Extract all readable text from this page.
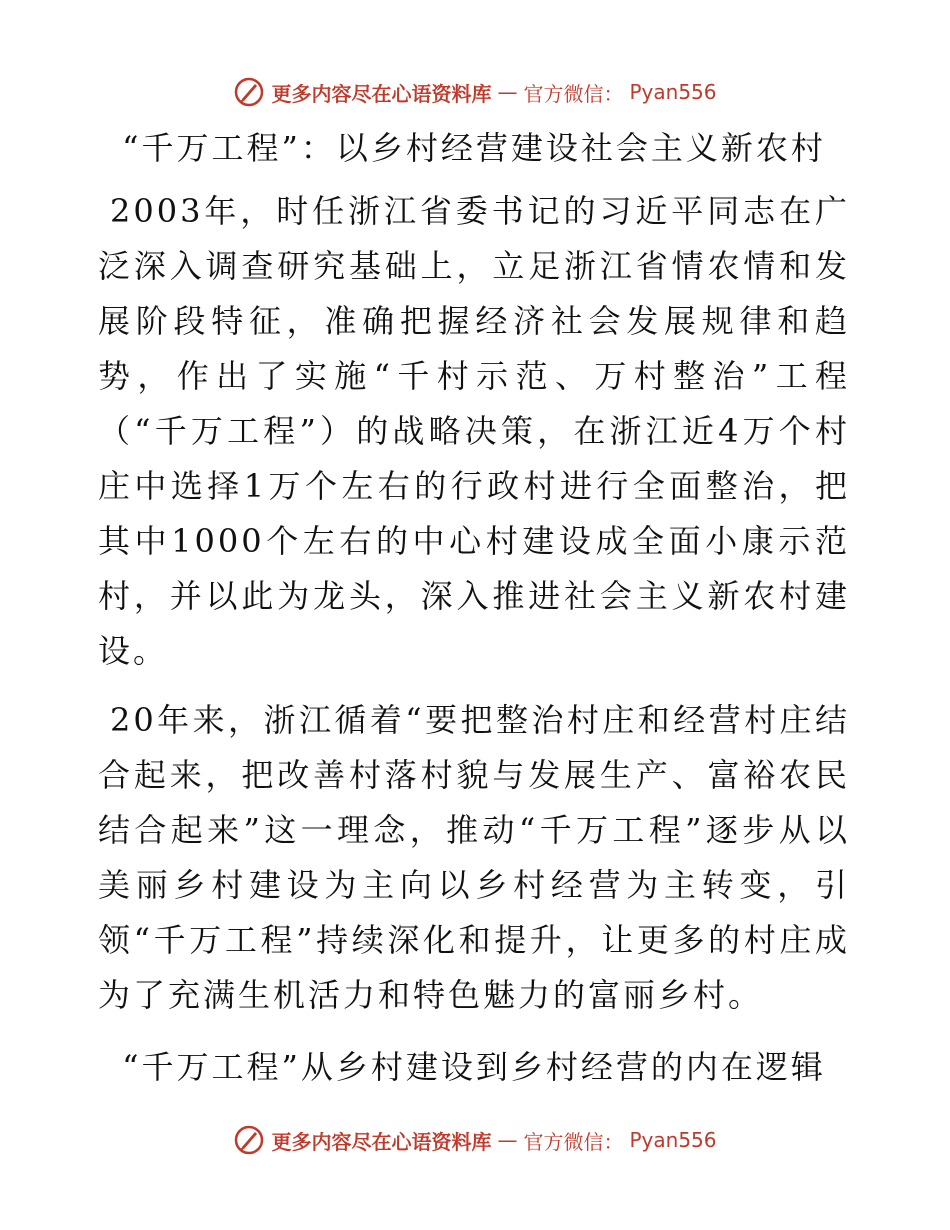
更多内容尽在心语资料库 — 官方微信： Pyan556
“千万工程”：以乡村经营建设社会主义新农村

2003年，时任浙江省委书记的习近平同志在广泛深入调查研究基础上，立足浙江省情农情和发展阶段特征，准确把握经济社会发展规律和趋势，作出了实施“千村示范、万村整治”工程（“千万工程”）的战略决策，在浙江近4万个村庄中选择1万个左右的行政村进行全面整治，把其中1000个左右的中心村建设成全面小康示范村，并以此为龙头，深入推进社会主义新农村建设。

20年来，浙江循着“要把整治村庄和经营村庄结合起来，把改善村落村貌与发展生产、富裕农民结合起来”这一理念，推动“千万工程”逐步从以美丽乡村建设为主向以乡村经营为主转变，引领“千万工程”持续深化和提升，让更多的村庄成为了充满生机活力和特色魅力的富丽乡村。

“千万工程”从乡村建设到乡村经营的内在逻辑
更多内容尽在心语资料库 — 官方微信： Pyan556
